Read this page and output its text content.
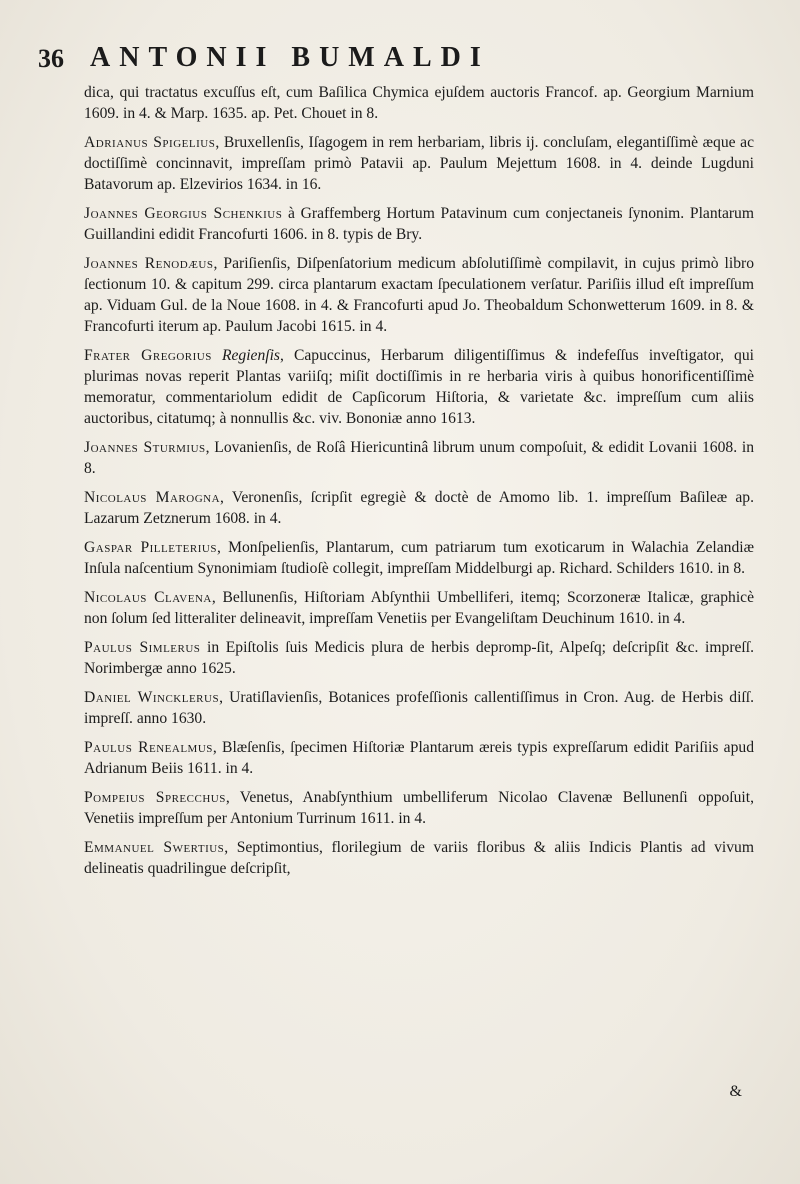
36 ANTONII BUMALDI

dica, qui tractatus excuſſus eſt, cum Baſilica Chymica ejuſdem auctoris Francof. ap. Georgium Marnium 1609. in 4. & Marp. 1635. ap. Pet. Chouet in 8.

Adrianus Spigelius, Bruxellenſis, Iſagogem in rem herbariam, libris ij. concluſam, elegantiſſimè æque ac doctiſſimè concinnavit, impreſſam primò Patavii ap. Paulum Mejettum 1608. in 4. deinde Lugduni Batavorum ap. Elzevirios 1634. in 16.

Joannes Georgius Schenkius à Graffemberg Hortum Patavinum cum conjectaneis ſynonim. Plantarum Guillandini edidit Francofurti 1606. in 8. typis de Bry.

Joannes Renodæus, Pariſienſis, Diſpenſatorium medicum abſolutiſſimè compilavit, in cujus primò libro ſectionum 10. & capitum 299. circa plantarum exactam ſpeculationem verſatur. Pariſiis illud eſt impreſſum ap. Viduam Gul. de la Noue 1608. in 4. & Francofurti apud Jo. Theobaldum Schonwetterum 1609. in 8. & Francofurti iterum ap. Paulum Jacobi 1615. in 4.

Frater Gregorius Regienſis, Capuccinus, Herbarum diligentiſſimus & indefeſſus inveſtigator, qui plurimas novas reperit Plantas variiſq; miſit doctiſſimis in re herbaria viris à quibus honorificentiſſimè memoratur, commentariolum edidit de Capſicorum Hiſtoria, & varietate &c. impreſſum cum aliis auctoribus, citatumq; à nonnullis &c. viv. Bononiæ anno 1613.

Joannes Sturmius, Lovanienſis, de Roſâ Hiericuntinâ librum unum compoſuit, & edidit Lovanii 1608. in 8.

Nicolaus Marogna, Veronenſis, ſcripſit egregiè & doctè de Amomo lib. 1. impreſſum Baſileæ ap. Lazarum Zetznerum 1608. in 4.

Gaspar Pilleterius, Monſpelienſis, Plantarum, cum patriarum tum exoticarum in Walachia Zelandiæ Inſula naſcentium Synonimiam ſtudioſè collegit, impreſſam Middelburgi ap. Richard. Schilders 1610. in 8.

Nicolaus Clavena, Bellunenſis, Hiſtoriam Abſynthii Umbelliferi, itemq; Scorzoneræ Italicæ, graphicè non ſolum ſed litteraliter delineavit, impreſſam Venetiis per Evangeliſtam Deuchinum 1610. in 4.

Paulus Simlerus in Epiſtolis ſuis Medicis plura de herbis depromp-ſit, Alpeſq; deſcripſit &c. impreſſ. Norimbergæ anno 1625.

Daniel Wincklerus, Uratiſlavienſis, Botanices profeſſionis callentiſſimus in Cron. Aug. de Herbis diſſ. impreſſ. anno 1630.

Paulus Renealmus, Blæſenſis, ſpecimen Hiſtoriæ Plantarum æreis typis expreſſarum edidit Pariſiis apud Adrianum Beiis 1611. in 4.

Pompeius Sprecchus, Venetus, Anabſynthium umbelliferum Nicolao Clavenæ Bellunenſi oppoſuit, Venetiis impreſſum per Antonium Turrinum 1611. in 4.

Emmanuel Swertius, Septimontius, florilegium de variis floribus & aliis Indicis Plantis ad vivum delineatis quadrilingue deſcripſit,

&
